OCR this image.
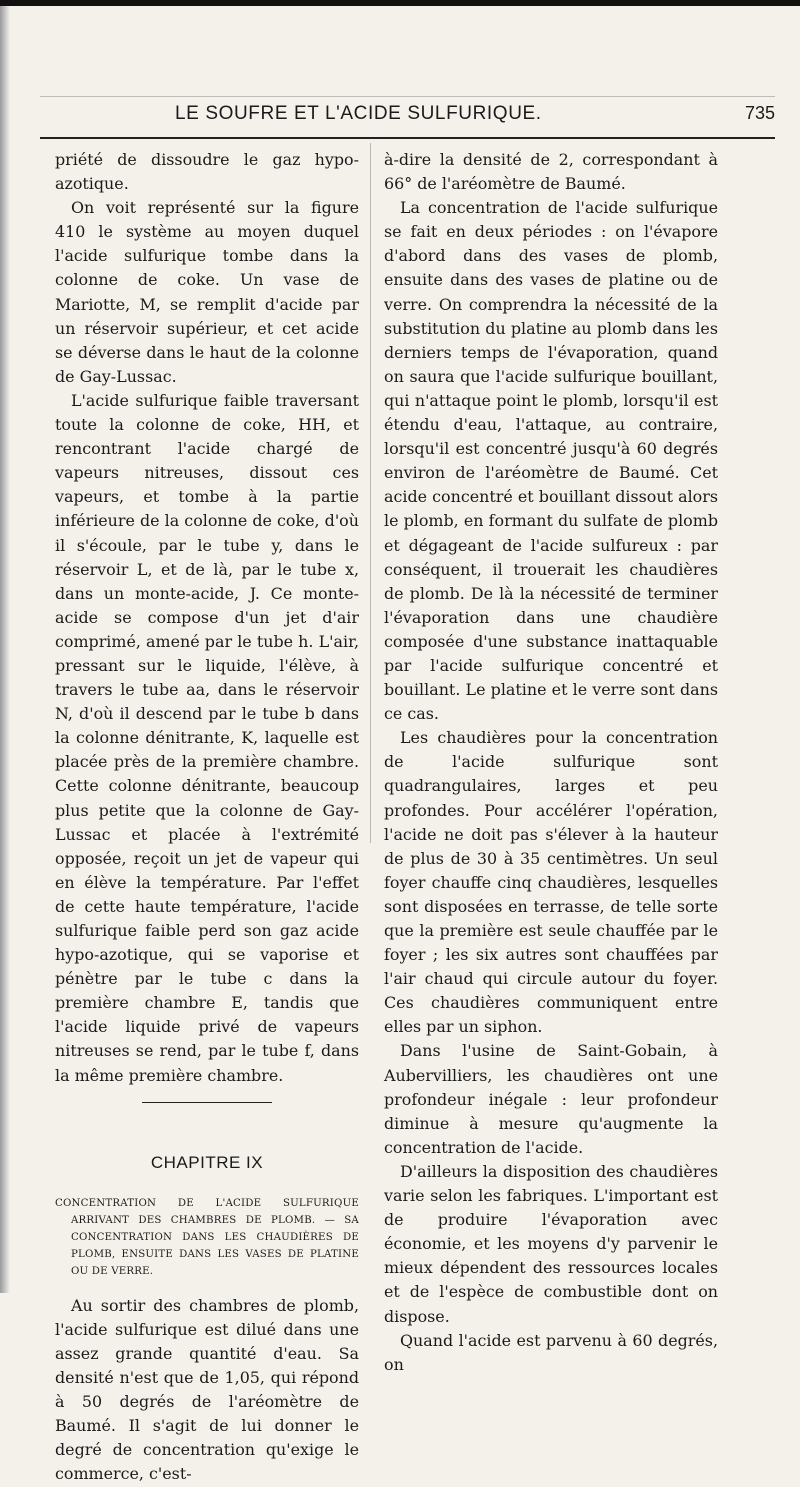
LE SOUFRE ET L'ACIDE SULFURIQUE.	735

priété de dissoudre le gaz hypo-azotique.

On voit représenté sur la figure 410 le système au moyen duquel l'acide sulfurique tombe dans la colonne de coke. Un vase de Mariotte, M, se remplit d'acide par un réservoir supérieur, et cet acide se déverse dans le haut de la colonne de Gay-Lussac.

L'acide sulfurique faible traversant toute la colonne de coke, HH, et rencontrant l'acide chargé de vapeurs nitreuses, dissout ces vapeurs, et tombe à la partie inférieure de la colonne de coke, d'où il s'écoule, par le tube y, dans le réservoir L, et de là, par le tube x, dans un monte-acide, J. Ce monte-acide se compose d'un jet d'air comprimé, amené par le tube h. L'air, pressant sur le liquide, l'élève, à travers le tube aa, dans le réservoir N, d'où il descend par le tube b dans la colonne dénitrante, K, laquelle est placée près de la première chambre. Cette colonne dénitrante, beaucoup plus petite que la colonne de Gay-Lussac et placée à l'extrémité opposée, reçoit un jet de vapeur qui en élève la température. Par l'effet de cette haute température, l'acide sulfurique faible perd son gaz acide hypo-azotique, qui se vaporise et pénètre par le tube c dans la première chambre E, tandis que l'acide liquide privé de vapeurs nitreuses se rend, par le tube f, dans la même première chambre.

CHAPITRE IX
CONCENTRATION DE L'ACIDE SULFURIQUE ARRIVANT DES CHAMBRES DE PLOMB. — SA CONCENTRATION DANS LES CHAUDIÈRES DE PLOMB, ENSUITE DANS LES VASES DE PLATINE OU DE VERRE.

Au sortir des chambres de plomb, l'acide sulfurique est dilué dans une assez grande quantité d'eau. Sa densité n'est que de 1,05, qui répond à 50 degrés de l'aréomètre de Baumé. Il s'agit de lui donner le degré de concentration qu'exige le commerce, c'est-

à-dire la densité de 2, correspondant à 66° de l'aréomètre de Baumé.

La concentration de l'acide sulfurique se fait en deux périodes : on l'évapore d'abord dans des vases de plomb, ensuite dans des vases de platine ou de verre. On comprendra la nécessité de la substitution du platine au plomb dans les derniers temps de l'évaporation, quand on saura que l'acide sulfurique bouillant, qui n'attaque point le plomb, lorsqu'il est étendu d'eau, l'attaque, au contraire, lorsqu'il est concentré jusqu'à 60 degrés environ de l'aréomètre de Baumé. Cet acide concentré et bouillant dissout alors le plomb, en formant du sulfate de plomb et dégageant de l'acide sulfureux : par conséquent, il trouerait les chaudières de plomb. De là la nécessité de terminer l'évaporation dans une chaudière composée d'une substance inattaquable par l'acide sulfurique concentré et bouillant. Le platine et le verre sont dans ce cas.

Les chaudières pour la concentration de l'acide sulfurique sont quadrangulaires, larges et peu profondes. Pour accélérer l'opération, l'acide ne doit pas s'élever à la hauteur de plus de 30 à 35 centimètres. Un seul foyer chauffe cinq chaudières, lesquelles sont disposées en terrasse, de telle sorte que la première est seule chauffée par le foyer ; les six autres sont chauffées par l'air chaud qui circule autour du foyer. Ces chaudières communiquent entre elles par un siphon.

Dans l'usine de Saint-Gobain, à Aubervilliers, les chaudières ont une profondeur inégale : leur profondeur diminue à mesure qu'augmente la concentration de l'acide.

D'ailleurs la disposition des chaudières varie selon les fabriques. L'important est de produire l'évaporation avec économie, et les moyens d'y parvenir le mieux dépendent des ressources locales et de l'espèce de combustible dont on dispose.

Quand l'acide est parvenu à 60 degrés, on
